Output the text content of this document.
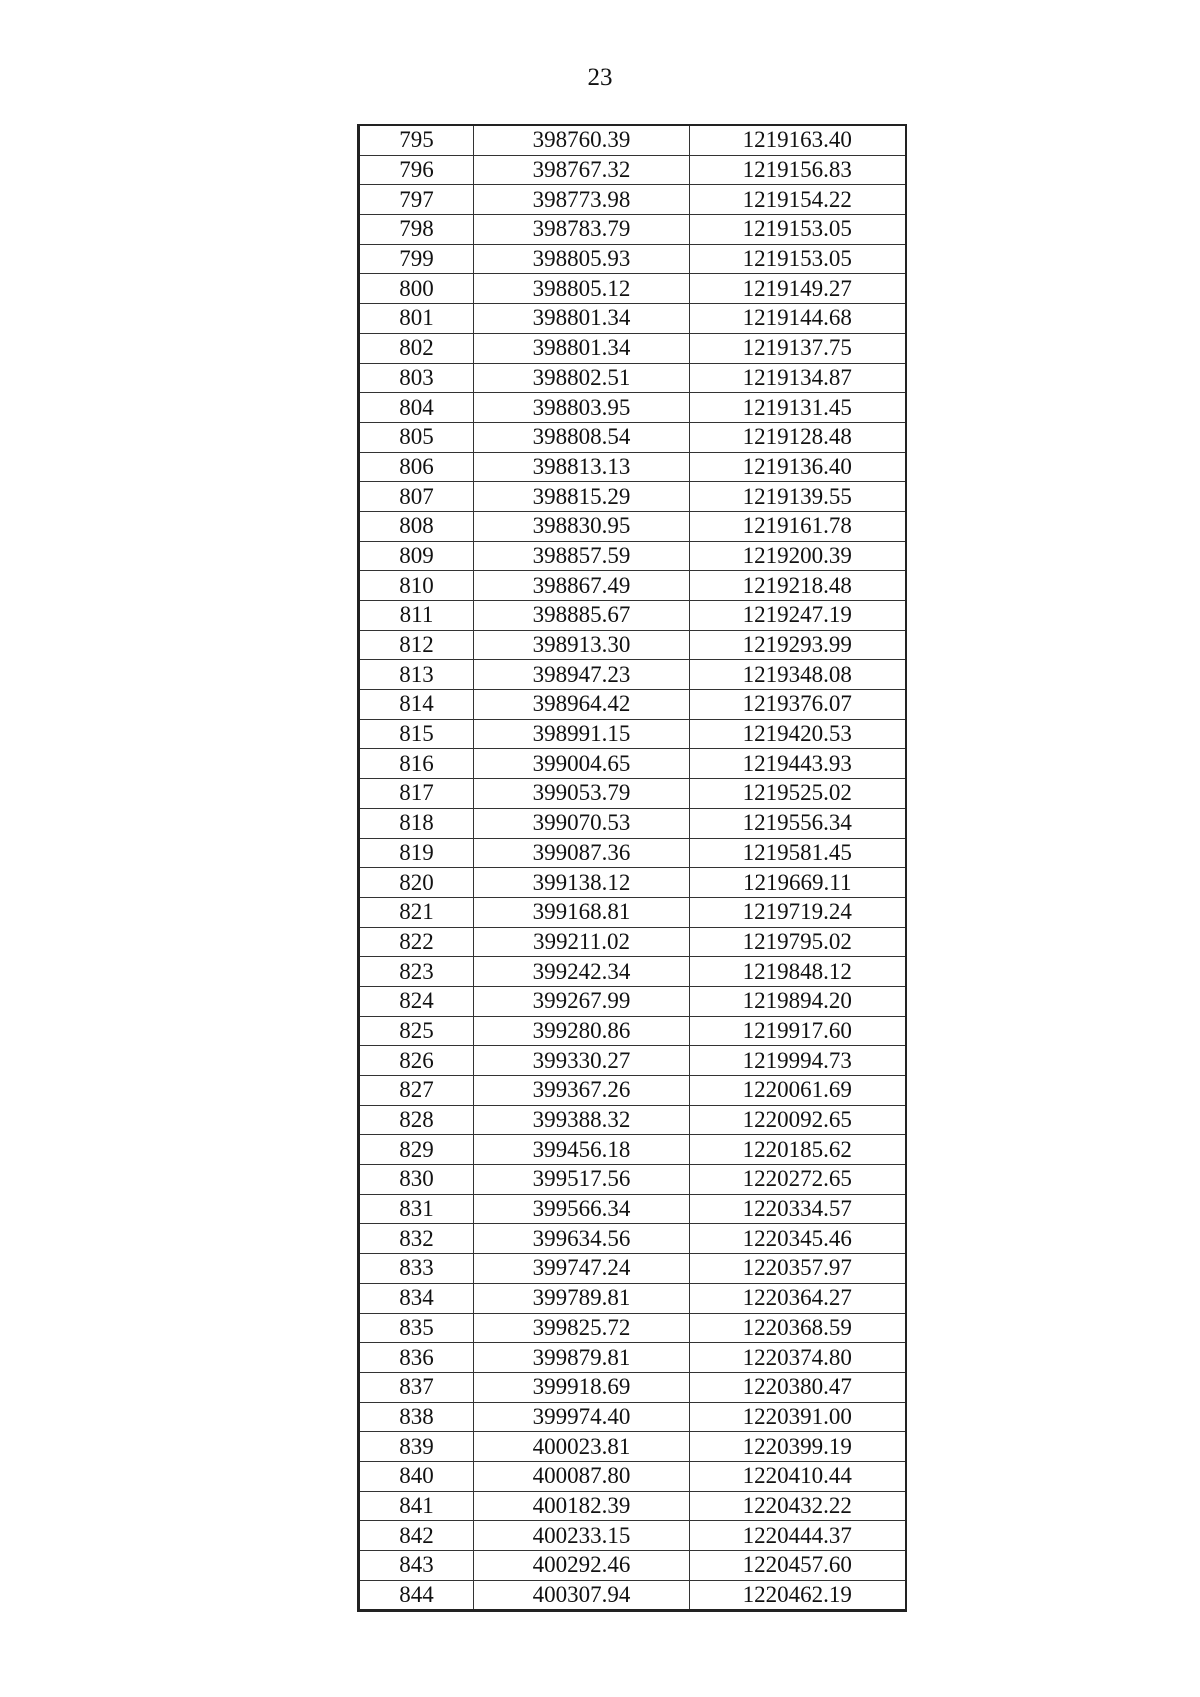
23
795	398760.39	1219163.40
796	398767.32	1219156.83
797	398773.98	1219154.22
798	398783.79	1219153.05
799	398805.93	1219153.05
800	398805.12	1219149.27
801	398801.34	1219144.68
802	398801.34	1219137.75
803	398802.51	1219134.87
804	398803.95	1219131.45
805	398808.54	1219128.48
806	398813.13	1219136.40
807	398815.29	1219139.55
808	398830.95	1219161.78
809	398857.59	1219200.39
810	398867.49	1219218.48
811	398885.67	1219247.19
812	398913.30	1219293.99
813	398947.23	1219348.08
814	398964.42	1219376.07
815	398991.15	1219420.53
816	399004.65	1219443.93
817	399053.79	1219525.02
818	399070.53	1219556.34
819	399087.36	1219581.45
820	399138.12	1219669.11
821	399168.81	1219719.24
822	399211.02	1219795.02
823	399242.34	1219848.12
824	399267.99	1219894.20
825	399280.86	1219917.60
826	399330.27	1219994.73
827	399367.26	1220061.69
828	399388.32	1220092.65
829	399456.18	1220185.62
830	399517.56	1220272.65
831	399566.34	1220334.57
832	399634.56	1220345.46
833	399747.24	1220357.97
834	399789.81	1220364.27
835	399825.72	1220368.59
836	399879.81	1220374.80
837	399918.69	1220380.47
838	399974.40	1220391.00
839	400023.81	1220399.19
840	400087.80	1220410.44
841	400182.39	1220432.22
842	400233.15	1220444.37
843	400292.46	1220457.60
844	400307.94	1220462.19
